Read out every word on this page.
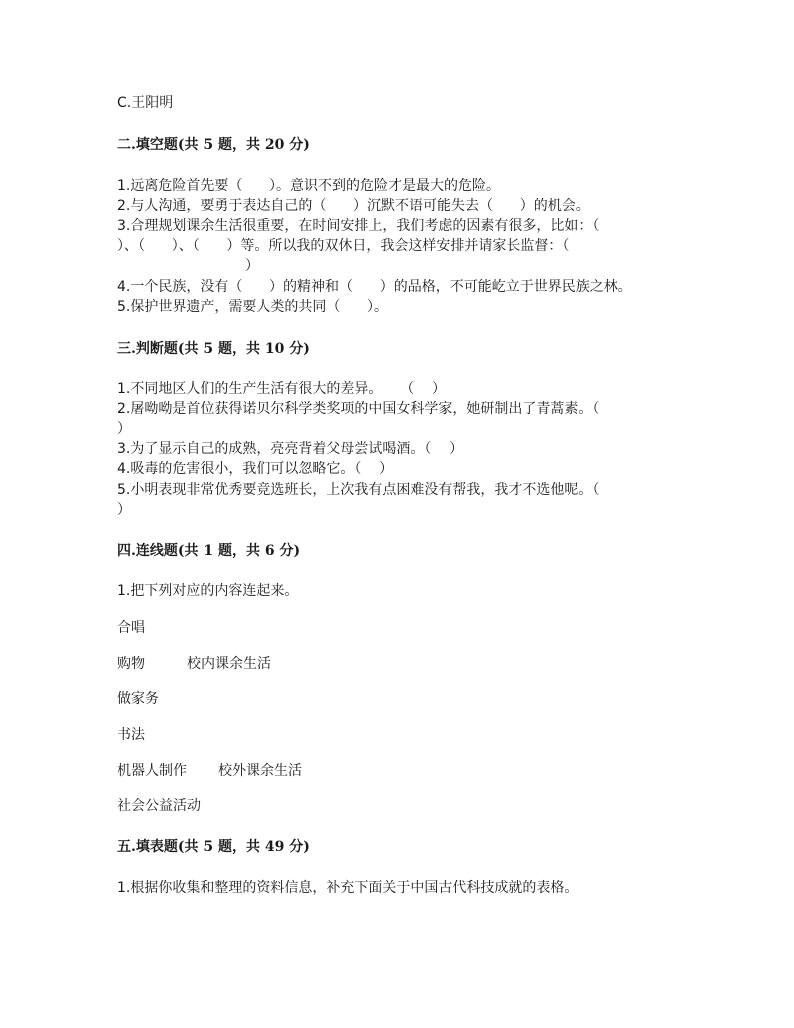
C.王阳明
二.填空题(共 5 题，共 20 分)
1.远离危险首先要（      ）。意识不到的危险才是最大的危险。
2.与人沟通，要勇于表达自己的（      ）沉默不语可能失去（      ）的机会。
3.合理规划课余生活很重要，在时间安排上，我们考虑的因素有很多，比如：（
）、（      ）、（      ）等。所以我的双休日，我会这样安排并请家长监督：（
）
4.一个民族，没有（      ）的精神和（      ）的品格，不可能屹立于世界民族之林。
5.保护世界遗产，需要人类的共同（      ）。
三.判断题(共 5 题，共 10 分)
1.不同地区人们的生产生活有很大的差异。    （    ）
2.屠呦呦是首位获得诺贝尔科学类奖项的中国女科学家，她研制出了青蒿素。（
）
3.为了显示自己的成熟，亮亮背着父母尝试喝酒。（    ）
4.吸毒的危害很小，我们可以忽略它。（    ）
5.小明表现非常优秀要竞选班长，上次我有点困难没有帮我，我才不选他呢。（
）
四.连线题(共 1 题，共 6 分)
1.把下列对应的内容连起来。
合唱
购物	校内课余生活
做家务
书法
机器人制作 校外课余生活
社会公益活动
五.填表题(共 5 题，共 49 分)
1.根据你收集和整理的资料信息，补充下面关于中国古代科技成就的表格。
